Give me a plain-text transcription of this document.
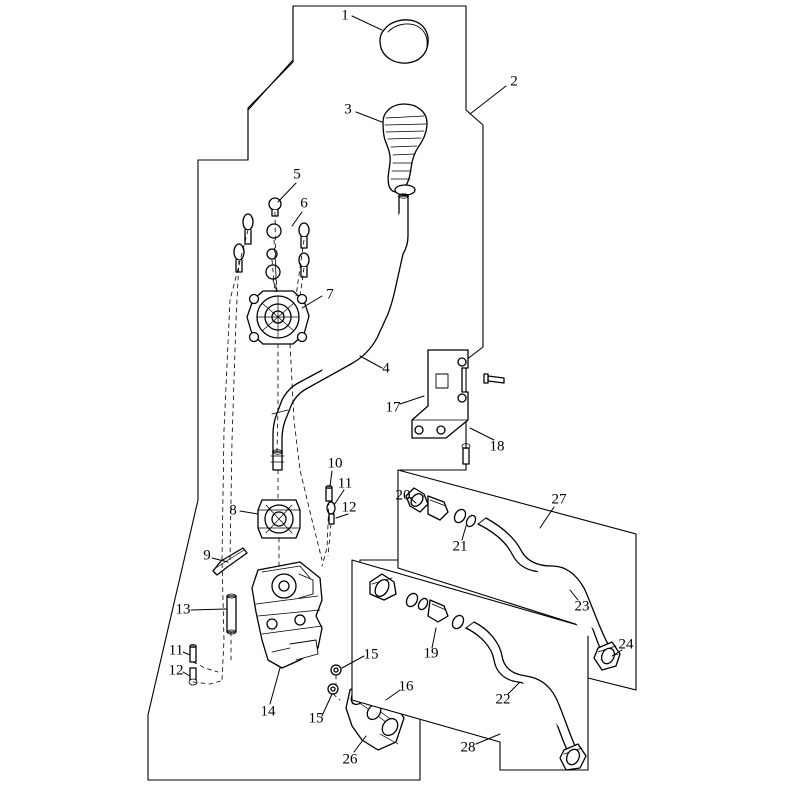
1
2
3
4
5
6
7
8
9
10
11
12
13
14
15
15
16
17
18
19
20
21
22
23
24
26
27
28
11
12
